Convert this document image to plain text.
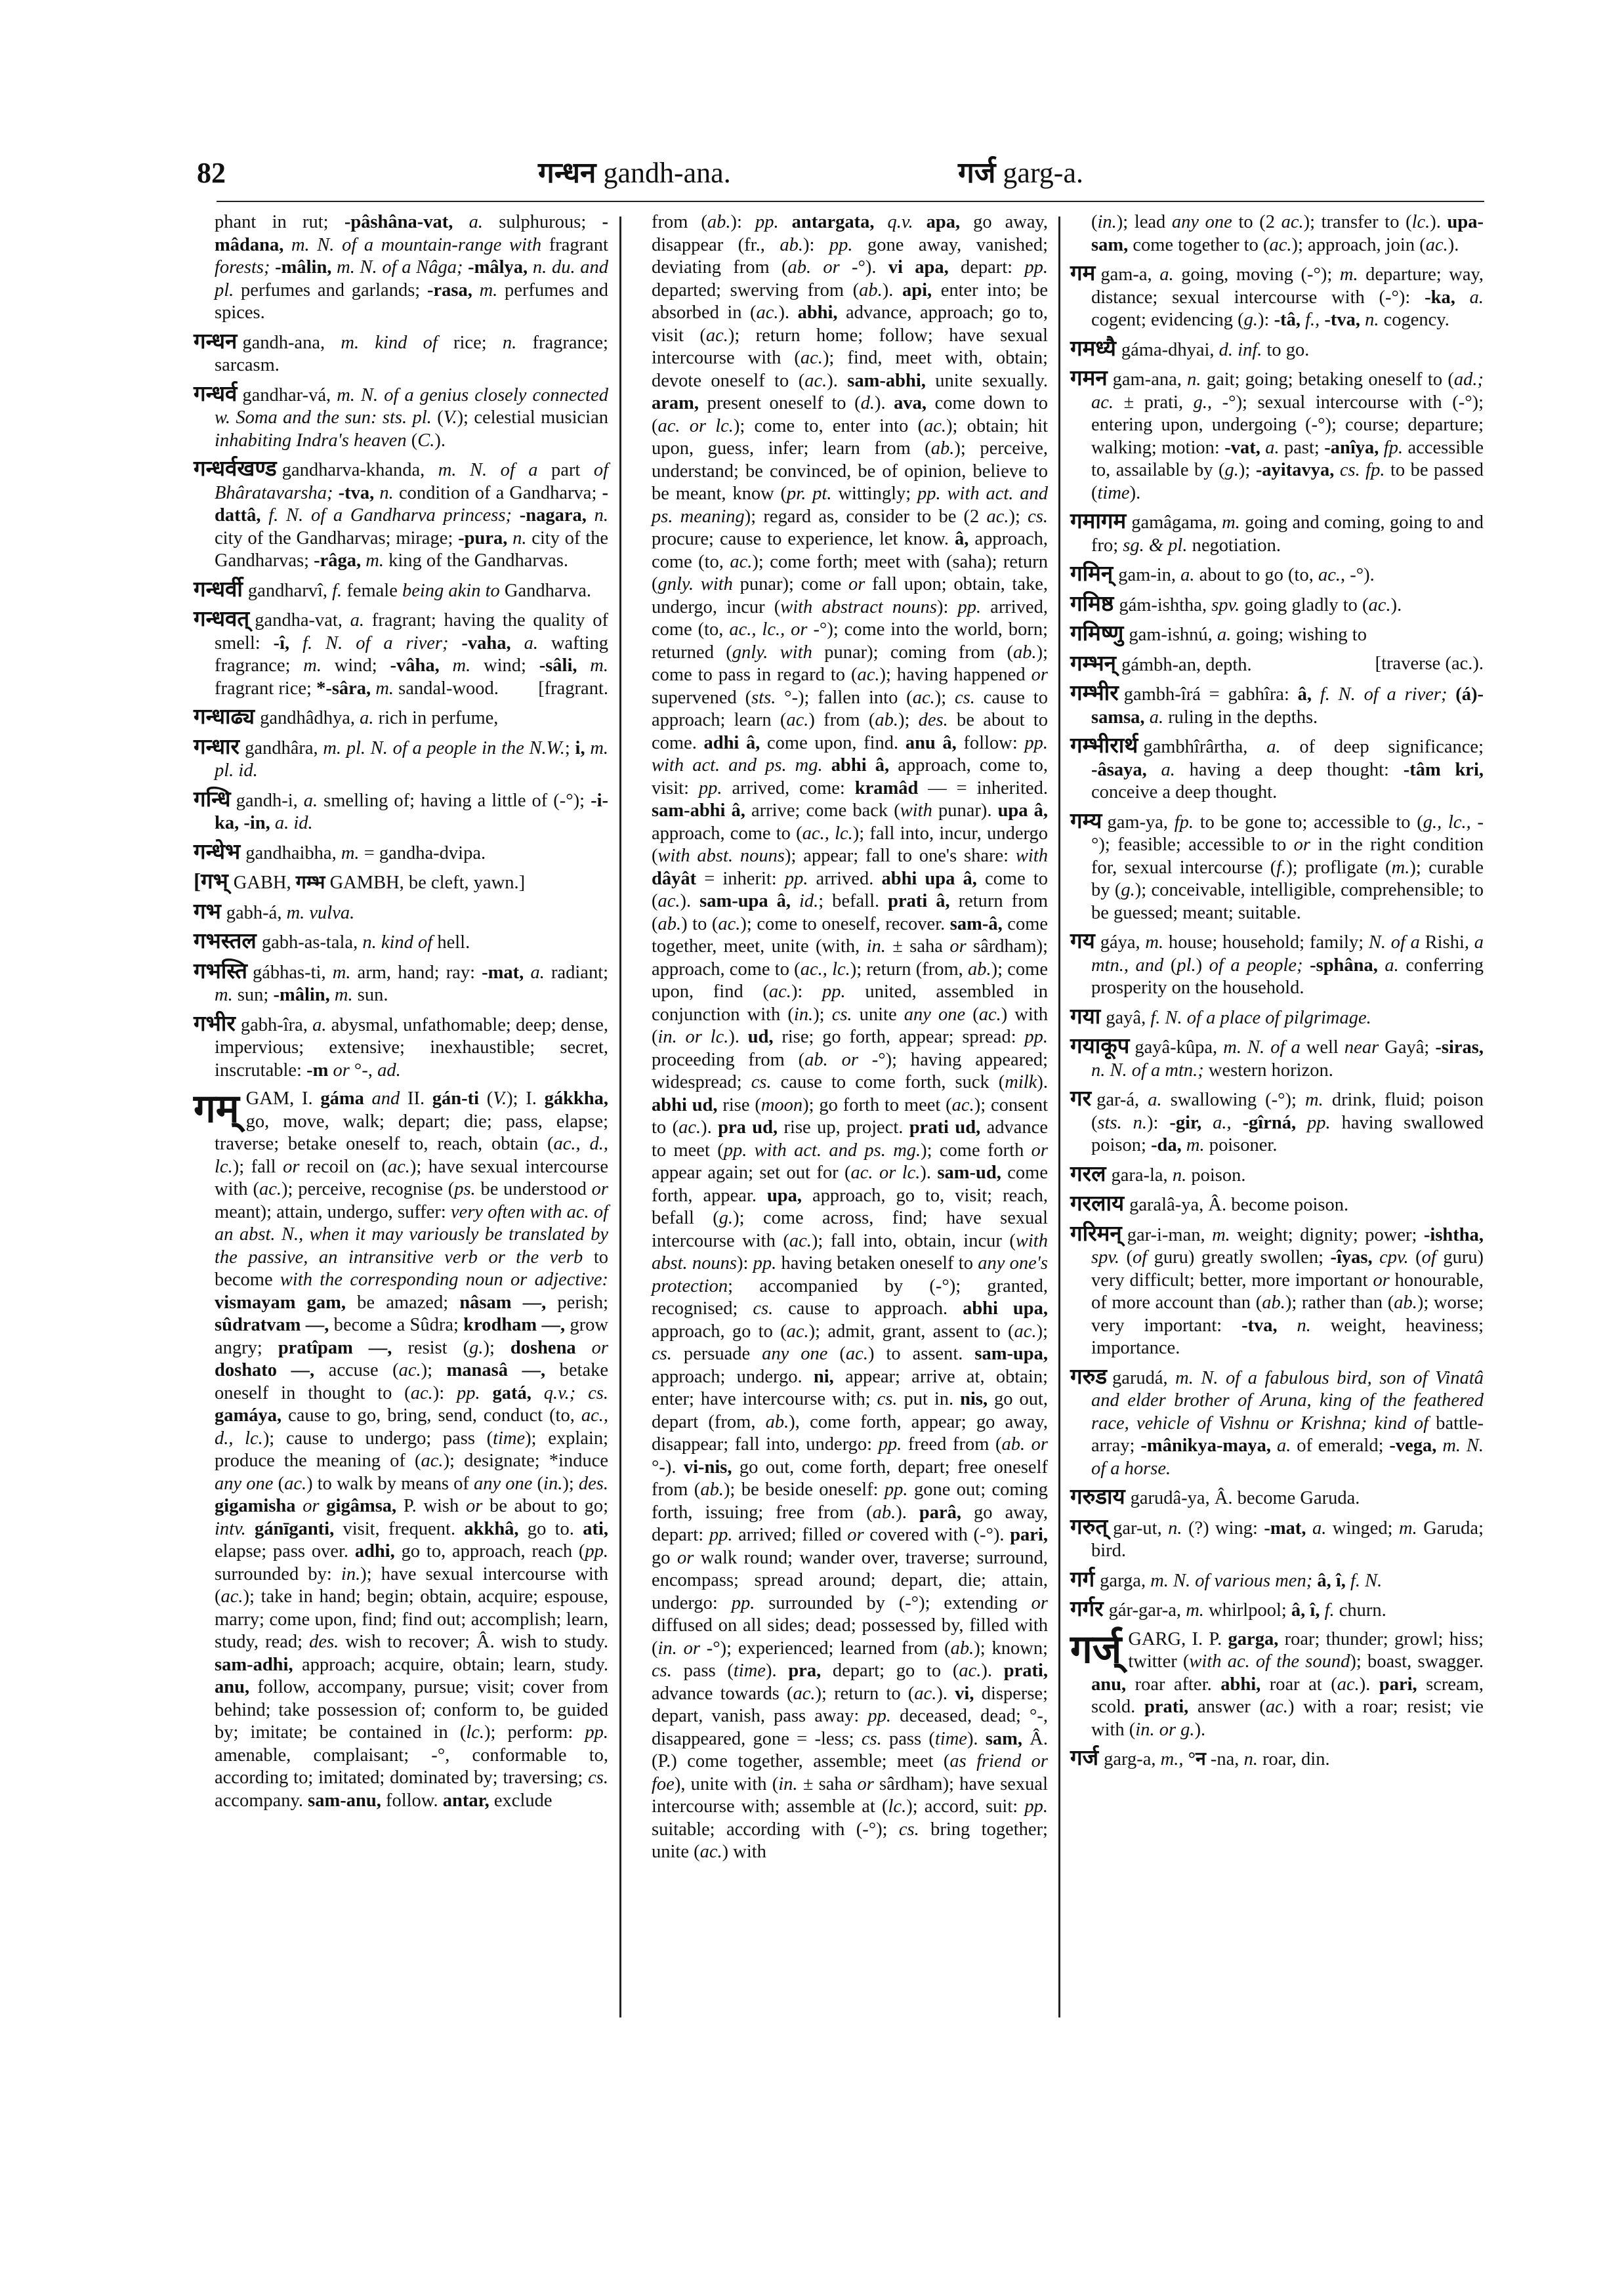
82	गन्धन gandh-ana.	गर्ज garg-a.
phant in rut; -pâshâna-vat, a. sulphurous; -mâdana, m. N. of a mountain-range with fragrant forests; -mâlin, m. N. of a Nâga; -mâlya, n. du. and pl. perfumes and garlands; -rasa, m. perfumes and spices.
गन्धन gandh-ana, m. kind of rice; n. fragrance; sarcasm.
गन्धर्व gandhar-vá, m. N. of a genius closely connected w. Soma and the sun: sts. pl. (V.); celestial musician inhabiting Indra's heaven (C.).
गन्धर्वखण्ड gandharva-khanda, m. N. of a part of Bhâratavarsha; -tva, n. condition of a Gandharva; -dattâ, f. N. of a Gandharva princess; -nagara, n. city of the Gandharvas; mirage; -pura, n. city of the Gandharvas; -râga, m. king of the Gandharvas.
गन्धर्वी gandharvî, f. female being akin to Gandharva.
गन्धवत् gandha-vat, a. fragrant; having the quality of smell: -î, f. N. of a river; -vaha, a. wafting fragrance; m. wind; -vâha, m. wind; -sâli, m. fragrant rice; *-sâra, m. sandal-wood. [fragrant.
गन्धाढ्य gandhâdhya, a. rich in perfume,
गन्धार gandhâra, m. pl. N. of a people in the N.W.; i, m. pl. id.
गन्धि gandh-i, a. smelling of; having a little of (-°); -i-ka, -in, a. id.
गन्धेभ gandhaibha, m. = gandha-dvipa.
[गभ् GABH, गम्भ GAMBH, be cleft, yawn.]
गभ gabh-á, m. vulva.
गभस्तल gabh-as-tala, n. kind of hell.
गभस्ति gábhas-ti, m. arm, hand; ray: -mat, a. radiant; m. sun; -mâlin, m. sun.
गभीर gabh-îra, a. abysmal, unfathomable; deep; dense, impervious; extensive; inexhaustible; secret, inscrutable: -m or °-, ad.
गम् GAM, I. gáma and II. gán-ti (V.); I. gákkha, go, move, walk; depart; die; pass, elapse; traverse; betake oneself to, reach, obtain (ac., d., lc.); fall or recoil on (ac.); have sexual intercourse with (ac.); perceive, recognise (ps. be understood or meant); attain, undergo, suffer: very often with ac. of an abst. N., when it may variously be translated by the passive, an intransitive verb or the verb to become with the corresponding noun or adjective: vismayam gam, be amazed; nâsam —, perish; sûdratvam —, become a Sûdra; krodham —, grow angry; pratîpam —, resist (g.); doshena or doshato —, accuse (ac.); manasâ —, betake oneself in thought to (ac.): pp. gatá, q.v.; cs. gamáya, cause to go, bring, send, conduct (to, ac., d., lc.); cause to undergo; pass (time); explain; produce the meaning of (ac.); designate; *induce any one (ac.) to walk by means of any one (in.); des. gigamisha or gigâmsa, P. wish or be about to go; intv. gánīganti, visit, frequent. akkhâ, go to. ati, elapse; pass over. adhi, go to, approach, reach (pp. surrounded by: in.); have sexual intercourse with (ac.); take in hand; begin; obtain, acquire; espouse, marry; come upon, find; find out; accomplish; learn, study, read; des. wish to recover; Â. wish to study. sam-adhi, approach; acquire, obtain; learn, study. anu, follow, accompany, pursue; visit; cover from behind; take possession of; conform to, be guided by; imitate; be contained in (lc.); perform: pp. amenable, complaisant; -°, conformable to, according to; imitated; dominated by; traversing; cs. accompany. sam-anu, follow. antar, exclude
from (ab.): pp. antargata, q.v. apa, go away, disappear (fr., ab.): pp. gone away, vanished; deviating from (ab. or -°). vi apa, depart: pp. departed; swerving from (ab.). api, enter into; be absorbed in (ac.). abhi, advance, approach; go to, visit (ac.); return home; follow; have sexual intercourse with (ac.); find, meet with, obtain; devote oneself to (ac.). sam-abhi, unite sexually. aram, present oneself to (d.). ava, come down to (ac. or lc.); come to, enter into (ac.); obtain; hit upon, guess, infer; learn from (ab.); perceive, understand; be convinced, be of opinion, believe to be meant, know (pr. pt. wittingly; pp. with act. and ps. meaning); regard as, consider to be (2 ac.); cs. procure; cause to experience, let know. â, approach, come (to, ac.); come forth; meet with (saha); return (gnly. with punar); come or fall upon; obtain, take, undergo, incur (with abstract nouns): pp. arrived, come (to, ac., lc., or -°); come into the world, born; returned (gnly. with punar); coming from (ab.); come to pass in regard to (ac.); having happened or supervened (sts. °-); fallen into (ac.); cs. cause to approach; learn (ac.) from (ab.); des. be about to come. adhi â, come upon, find. anu â, follow: pp. with act. and ps. mg. abhi â, approach, come to, visit: pp. arrived, come: kramâd — = inherited. sam-abhi â, arrive; come back (with punar). upa â, approach, come to (ac., lc.); fall into, incur, undergo (with abst. nouns); appear; fall to one's share: with dâyât = inherit: pp. arrived. abhi upa â, come to (ac.). sam-upa â, id.; befall. prati â, return from (ab.) to (ac.); come to oneself, recover. sam-â, come together, meet, unite (with, in. ± saha or sârdham); approach, come to (ac., lc.); return (from, ab.); come upon, find (ac.): pp. united, assembled in conjunction with (in.); cs. unite any one (ac.) with (in. or lc.). ud, rise; go forth, appear; spread: pp. proceeding from (ab. or -°); having appeared; widespread; cs. cause to come forth, suck (milk). abhi ud, rise (moon); go forth to meet (ac.); consent to (ac.). pra ud, rise up, project. prati ud, advance to meet (pp. with act. and ps. mg.); come forth or appear again; set out for (ac. or lc.). sam-ud, come forth, appear. upa, approach, go to, visit; reach, befall (g.); come across, find; have sexual intercourse with (ac.); fall into, obtain, incur (with abst. nouns): pp. having betaken oneself to any one's protection; accompanied by (-°); granted, recognised; cs. cause to approach. abhi upa, approach, go to (ac.); admit, grant, assent to (ac.); cs. persuade any one (ac.) to assent. sam-upa, approach; undergo. ni, appear; arrive at, obtain; enter; have intercourse with; cs. put in. nis, go out, depart (from, ab.), come forth, appear; go away, disappear; fall into, undergo: pp. freed from (ab. or °-). vi-nis, go out, come forth, depart; free oneself from (ab.); be beside oneself: pp. gone out; coming forth, issuing; free from (ab.). parâ, go away, depart: pp. arrived; filled or covered with (-°). pari, go or walk round; wander over, traverse; surround, encompass; spread around; depart, die; attain, undergo: pp. surrounded by (-°); extending or diffused on all sides; dead; possessed by, filled with (in. or -°); experienced; learned from (ab.); known; cs. pass (time). pra, depart; go to (ac.). prati, advance towards (ac.); return to (ac.). vi, disperse; depart, vanish, pass away: pp. deceased, dead; °-, disappeared, gone = -less; cs. pass (time). sam, Â. (P.) come together, assemble; meet (as friend or foe), unite with (in. ± saha or sârdham); have sexual intercourse with; assemble at (lc.); accord, suit: pp. suitable; according with (-°); cs. bring together; unite (ac.) with
(in.); lead any one to (2 ac.); transfer to (lc.). upa-sam, come together to (ac.); approach, join (ac.).
गम gam-a, a. going, moving (-°); m. departure; way, distance; sexual intercourse with (-°): -ka, a. cogent; evidencing (g.): -tâ, f., -tva, n. cogency.
गमध्यै gáma-dhyai, d. inf. to go.
गमन gam-ana, n. gait; going; betaking oneself to (ad.; ac. ± prati, g., -°); sexual intercourse with (-°); entering upon, undergoing (-°); course; departure; walking; motion: -vat, a. past; -anîya, fp. accessible to, assailable by (g.); -ayitavya, cs. fp. to be passed (time).
गमागम gamâgama, m. going and coming, going to and fro; sg. & pl. negotiation.
गमिन् gam-in, a. about to go (to, ac., -°).
गमिष्ठ gám-ishtha, spv. going gladly to (ac.).
गमिष्णु gam-ishnú, a. going; wishing to
गम्भन् gámbh-an, depth.	[traverse (ac.).
गम्भीर gambh-îrá = gabhîra: â, f. N. of a river; (á)-samsa, a. ruling in the depths.
गम्भीरार्थ gambhîrârtha, a. of deep significance; -âsaya, a. having a deep thought: -tâm kri, conceive a deep thought.
गम्य gam-ya, fp. to be gone to; accessible to (g., lc., -°); feasible; accessible to or in the right condition for, sexual intercourse (f.); profligate (m.); curable by (g.); conceivable, intelligible, comprehensible; to be guessed; meant; suitable.
गय gáya, m. house; household; family; N. of a Rishi, a mtn., and (pl.) of a people; -sphâna, a. conferring prosperity on the household.
गया gayâ, f. N. of a place of pilgrimage.
गयाकूप gayâ-kûpa, m. N. of a well near Gayâ; -siras, n. N. of a mtn.; western horizon.
गर gar-á, a. swallowing (-°); m. drink, fluid; poison (sts. n.): -gir, a., -gîrná, pp. having swallowed poison; -da, m. poisoner.
गरल gara-la, n. poison.
गरलाय garalâ-ya, Â. become poison.
गरिमन् gar-i-man, m. weight; dignity; power; -ishtha, spv. (of guru) greatly swollen; -îyas, cpv. (of guru) very difficult; better, more important or honourable, of more account than (ab.); rather than (ab.); worse; very important: -tva, n. weight, heaviness; importance.
गरुड garudá, m. N. of a fabulous bird, son of Vinatâ and elder brother of Aruna, king of the feathered race, vehicle of Vishnu or Krishna; kind of battle-array; -mânikya-maya, a. of emerald; -vega, m. N. of a horse.
गरुडाय garudâ-ya, Â. become Garuda.
गरुत् gar-ut, n. (?) wing: -mat, a. winged; m. Garuda; bird.
गर्ग garga, m. N. of various men; â, î, f. N.
गर्गर gár-gar-a, m. whirlpool; â, î, f. churn.
गर्ज् GARG, I. P. garga, roar; thunder; growl; hiss; twitter (with ac. of the sound); boast, swagger. anu, roar after. abhi, roar at (ac.). pari, scream, scold. prati, answer (ac.) with a roar; resist; vie with (in. or g.).
गर्ज garg-a, m., °न -na, n. roar, din.
